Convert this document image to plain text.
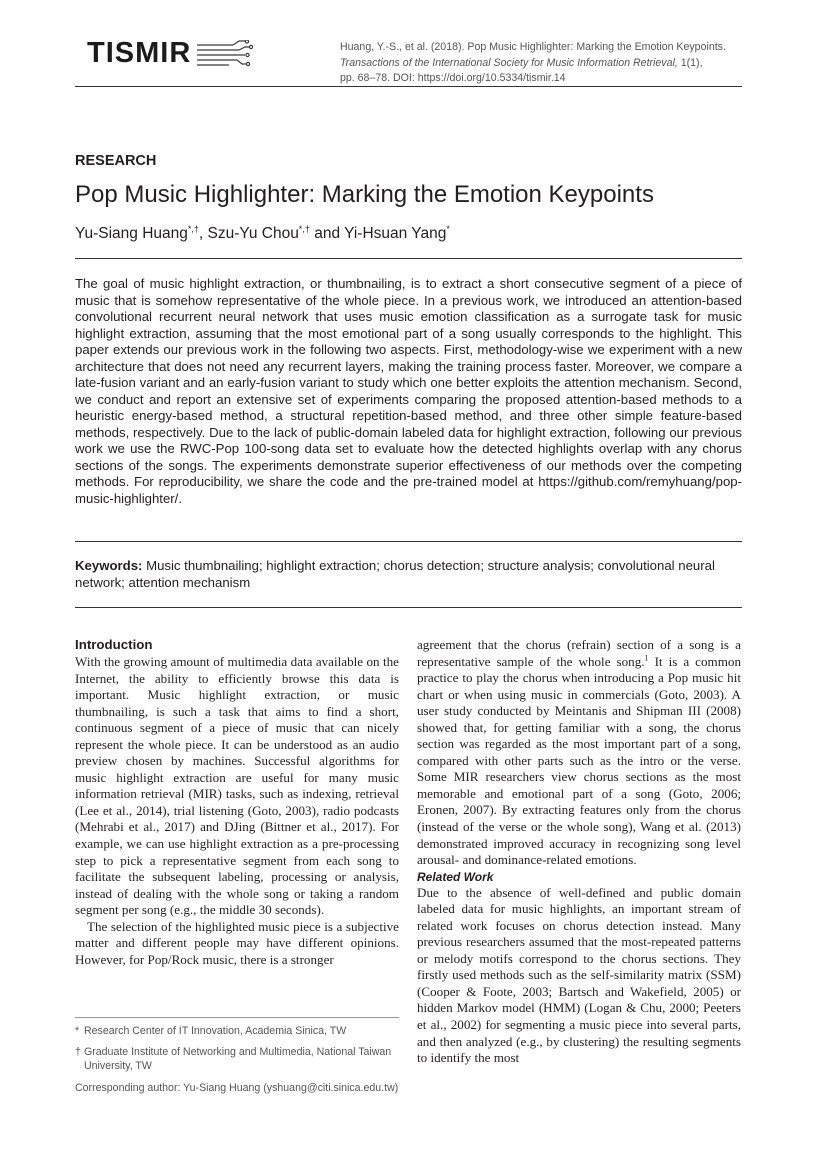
TISMIR	Huang, Y.-S., et al. (2018). Pop Music Highlighter: Marking the Emotion Keypoints.
Transactions of the International Society for Music Information Retrieval, 1(1),
pp. 68–78. DOI: https://doi.org/10.5334/tismir.14
RESEARCH
Pop Music Highlighter: Marking the Emotion Keypoints
Yu-Siang Huang*,†, Szu-Yu Chou*,† and Yi-Hsuan Yang*
The goal of music highlight extraction, or thumbnailing, is to extract a short consecutive segment of a piece of music that is somehow representative of the whole piece. In a previous work, we introduced an attention-based convolutional recurrent neural network that uses music emotion classification as a surrogate task for music highlight extraction, assuming that the most emotional part of a song usually corresponds to the highlight. This paper extends our previous work in the following two aspects. First, methodology-wise we experiment with a new architecture that does not need any recurrent layers, making the training process faster. Moreover, we compare a late-fusion variant and an early-fusion variant to study which one better exploits the attention mechanism. Second, we conduct and report an extensive set of experiments comparing the proposed attention-based methods to a heuristic energy-based method, a structural repetition-based method, and three other simple feature-based methods, respectively. Due to the lack of public-domain labeled data for highlight extraction, following our previous work we use the RWC-Pop 100-song data set to evaluate how the detected highlights overlap with any chorus sections of the songs. The experiments demonstrate superior effectiveness of our methods over the competing methods. For reproducibility, we share the code and the pre-trained model at https://github.com/remyhuang/pop-music-highlighter/.
Keywords: Music thumbnailing; highlight extraction; chorus detection; structure analysis; convolutional neural network; attention mechanism

Introduction

With the growing amount of multimedia data available on the Internet, the ability to efficiently browse this data is important. Music highlight extraction, or music thumbnailing, is such a task that aims to find a short, continuous segment of a piece of music that can nicely represent the whole piece. It can be understood as an audio preview chosen by machines. Successful algorithms for music highlight extraction are useful for many music information retrieval (MIR) tasks, such as indexing, retrieval (Lee et al., 2014), trial listening (Goto, 2003), radio podcasts (Mehrabi et al., 2017) and DJing (Bittner et al., 2017). For example, we can use highlight extraction as a pre-processing step to pick a representative segment from each song to facilitate the subsequent labeling, processing or analysis, instead of dealing with the whole song or taking a random segment per song (e.g., the middle 30 seconds).

The selection of the highlighted music piece is a subjective matter and different people may have different opinions. However, for Pop/Rock music, there is a stronger

agreement that the chorus (refrain) section of a song is a representative sample of the whole song.$^1$ It is a common practice to play the chorus when introducing a Pop music hit chart or when using music in commercials (Goto, 2003). A user study conducted by Meintanis and Shipman III (2008) showed that, for getting familiar with a song, the chorus section was regarded as the most important part of a song, compared with other parts such as the intro or the verse. Some MIR researchers view chorus sections as the most memorable and emotional part of a song (Goto, 2006; Eronen, 2007). By extracting features only from the chorus (instead of the verse or the whole song), Wang et al. (2013) demonstrated improved accuracy in recognizing song level arousal- and dominance-related emotions.

Related Work

Due to the absence of well-defined and public domain labeled data for music highlights, an important stream of related work focuses on chorus detection instead. Many previous researchers assumed that the most-repeated patterns or melody motifs correspond to the chorus sections. They firstly used methods such as the self-similarity matrix (SSM) (Cooper & Foote, 2003; Bartsch and Wakefield, 2005) or hidden Markov model (HMM) (Logan & Chu, 2000; Peeters et al., 2002) for segmenting a music piece into several parts, and then analyzed (e.g., by clustering) the resulting segments to identify the most

* Research Center of IT Innovation, Academia Sinica, TW
† Graduate Institute of Networking and Multimedia, National Taiwan University, TW
Corresponding author: Yu-Siang Huang (yshuang@citi.sinica.edu.tw)
